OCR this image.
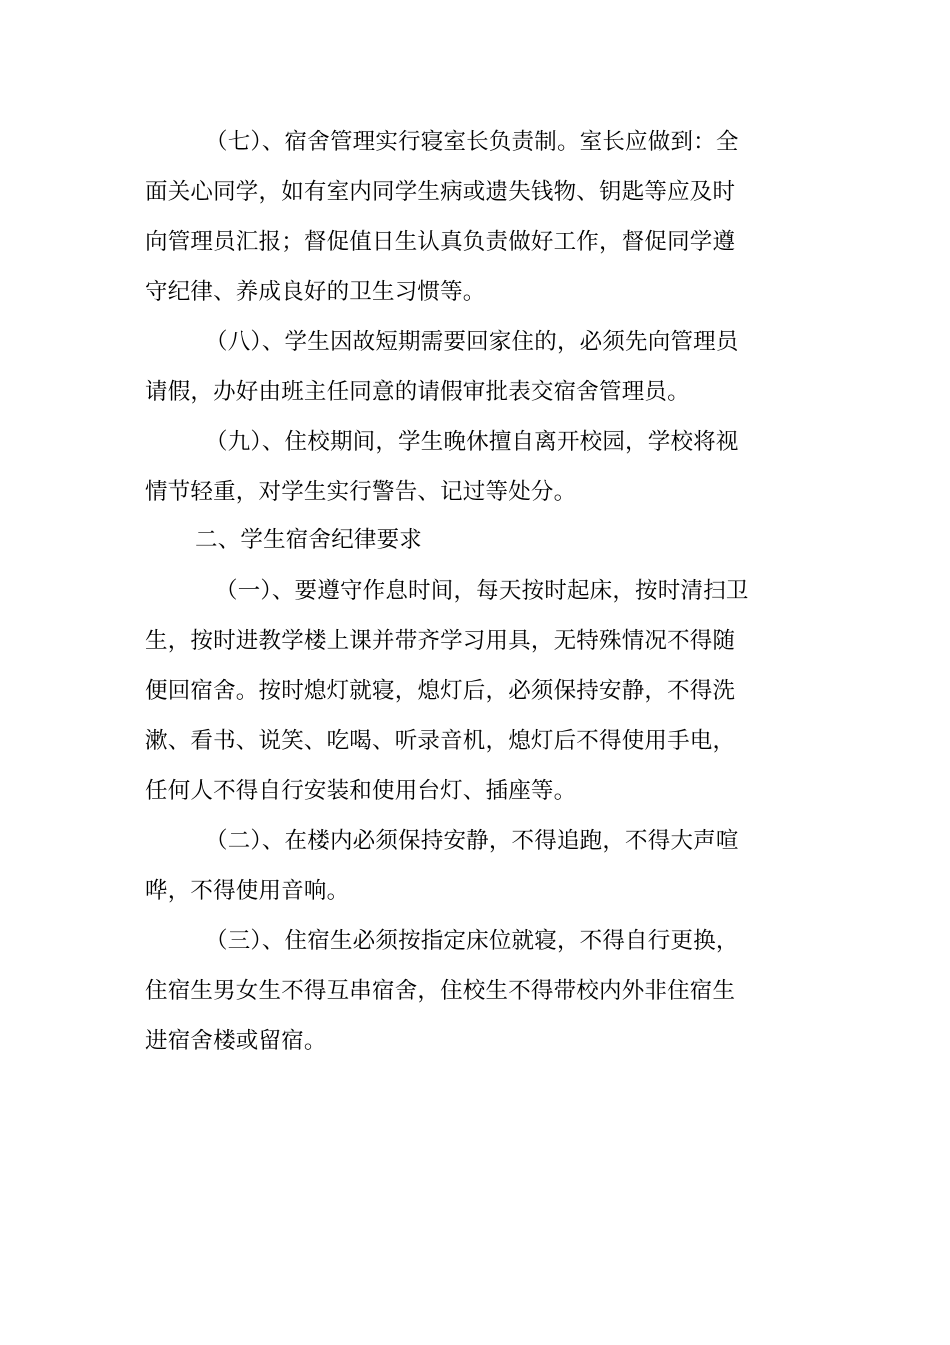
（七）、宿舍管理实行寝室长负责制。室长应做到：全
面关心同学，如有室内同学生病或遗失钱物、钥匙等应及时
向管理员汇报；督促值日生认真负责做好工作，督促同学遵
守纪律、养成良好的卫生习惯等。
（八）、学生因故短期需要回家住的，必须先向管理员
请假，办好由班主任同意的请假审批表交宿舍管理员。
（九）、住校期间，学生晚休擅自离开校园，学校将视
情节轻重，对学生实行警告、记过等处分。
二、学生宿舍纪律要求
（一）、要遵守作息时间，每天按时起床，按时清扫卫
生，按时进教学楼上课并带齐学习用具，无特殊情况不得随
便回宿舍。按时熄灯就寝，熄灯后，必须保持安静，不得洗
漱、看书、说笑、吃喝、听录音机，熄灯后不得使用手电，
任何人不得自行安装和使用台灯、插座等。
（二）、在楼内必须保持安静，不得追跑，不得大声喧
哗，不得使用音响。
（三）、住宿生必须按指定床位就寝，不得自行更换，
住宿生男女生不得互串宿舍，住校生不得带校内外非住宿生
进宿舍楼或留宿。
